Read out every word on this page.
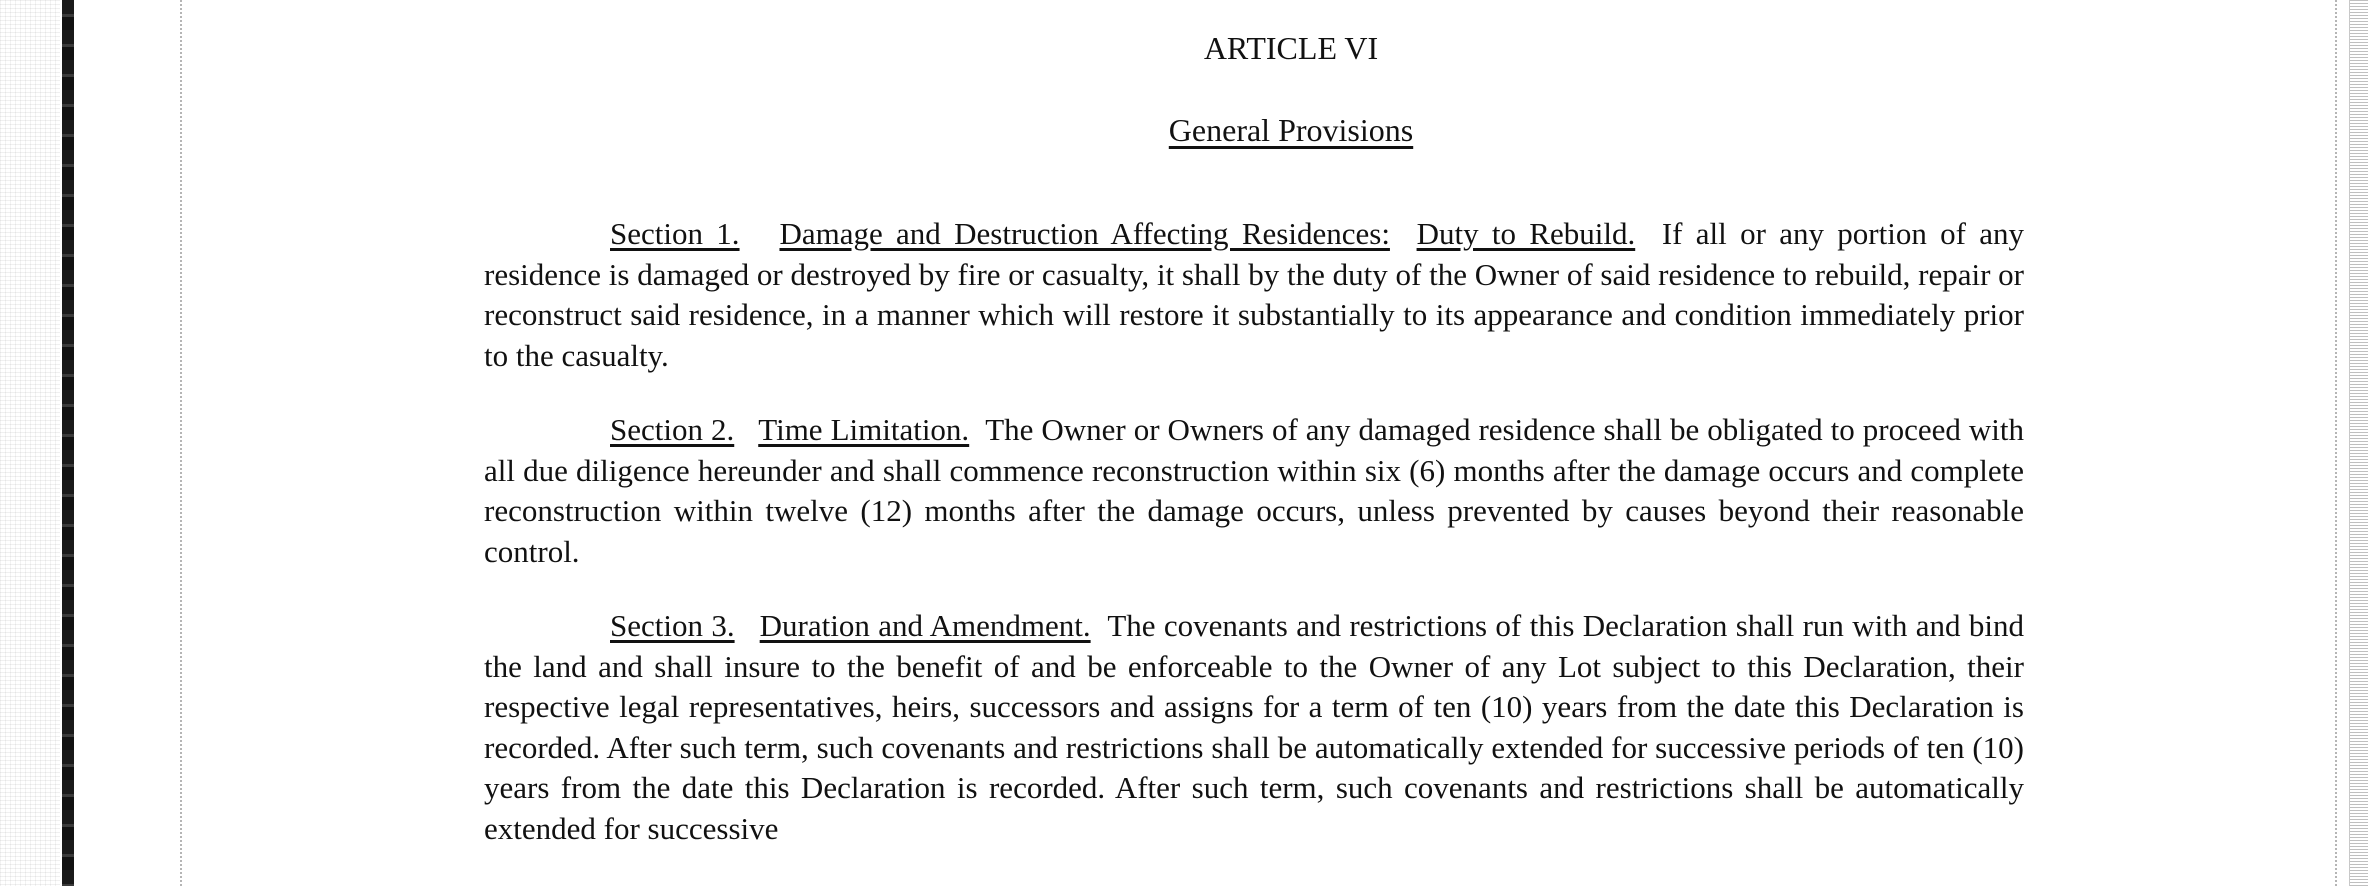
ARTICLE VI
General Provisions

Section 1. Damage and Destruction Affecting Residences: Duty to Rebuild. If all or any portion of any residence is damaged or destroyed by fire or casualty, it shall by the duty of the Owner of said residence to rebuild, repair or reconstruct said residence, in a manner which will restore it substantially to its appearance and condition immediately prior to the casualty.

Section 2. Time Limitation. The Owner or Owners of any damaged residence shall be obligated to proceed with all due diligence hereunder and shall commence reconstruction within six (6) months after the damage occurs and complete reconstruction within twelve (12) months after the damage occurs, unless prevented by causes beyond their reasonable control.

Section 3. Duration and Amendment. The covenants and restrictions of this Declaration shall run with and bind the land and shall insure to the benefit of and be enforceable to the Owner of any Lot subject to this Declaration, their respective legal representatives, heirs, successors and assigns for a term of ten (10) years from the date this Declaration is recorded. After such term, such covenants and restrictions shall be automatically extended for successive periods of ten (10) years from the date this Declaration is recorded. After such term, such covenants and restrictions shall be automatically extended for successive
